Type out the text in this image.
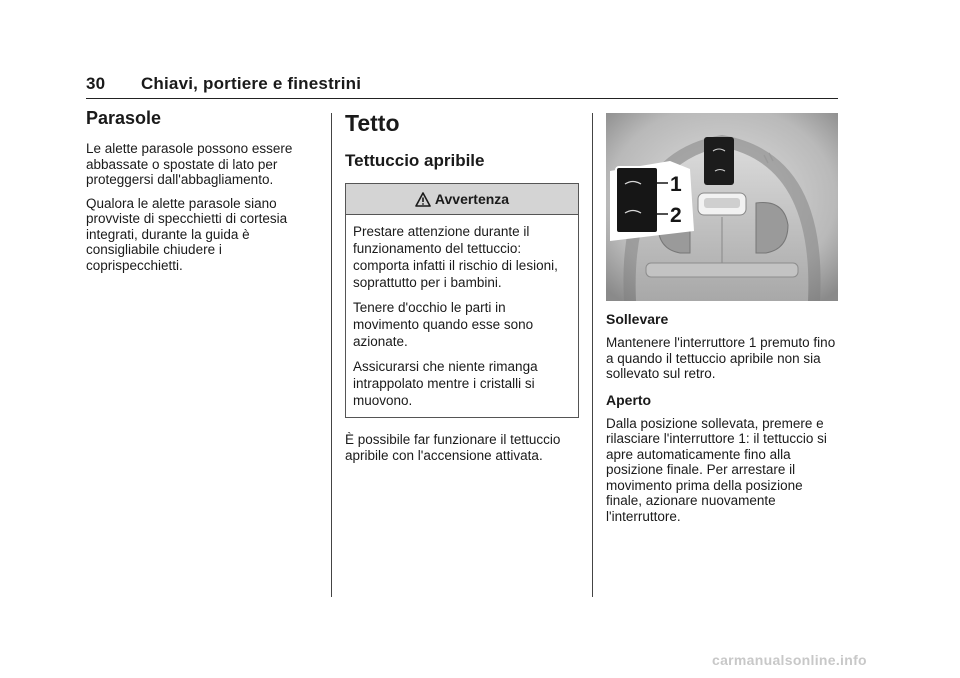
30 Chiavi, portiere e finestrini
Parasole

Le alette parasole possono essere abbassate o spostate di lato per proteggersi dall'abbagliamento.

Qualora le alette parasole siano provviste di specchietti di cortesia integrati, durante la guida è consigliabile chiudere i coprispecchietti.

Tetto
Tettuccio apribile
Avvertenza

Prestare attenzione durante il funzionamento del tettuccio: comporta infatti il rischio di lesioni, soprattutto per i bambini.

Tenere d'occhio le parti in movimento quando esse sono azionate.

Assicurarsi che niente rimanga intrappolato mentre i cristalli si muovono.

È possibile far funzionare il tettuccio apribile con l'accensione attivata.

1
2
Sollevare

Mantenere l'interruttore 1 premuto fino a quando il tettuccio apribile non sia sollevato sul retro.

Aperto

Dalla posizione sollevata, premere e rilasciare l'interruttore 1: il tettuccio si apre automaticamente fino alla posizione finale. Per arrestare il movimento prima della posizione finale, azionare nuovamente l'interruttore.

carmanualsonline.info
